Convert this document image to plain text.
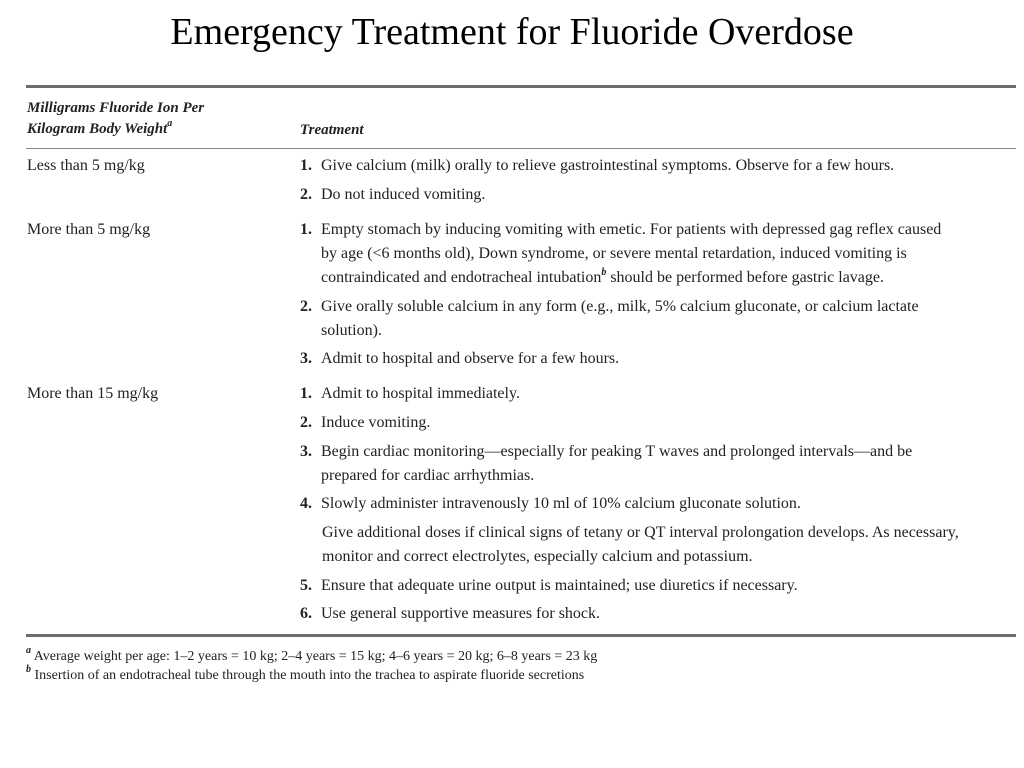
Emergency Treatment for Fluoride Overdose
Milligrams Fluoride Ion Per
Kilogram Body Weight$^a$	Treatment
Less than 5 mg/kg	1. Give calcium (milk) orally to relieve gastrointestinal symptoms. Observe for a few hours.
2. Do not induced vomiting.
More than 5 mg/kg	1. Empty stomach by inducing vomiting with emetic. For patients with depressed gag reflex caused
by age (<6 months old), Down syndrome, or severe mental retardation, induced vomiting is
contraindicated and endotracheal intubation$^b$ should be performed before gastric lavage.
2. Give orally soluble calcium in any form (e.g., milk, 5% calcium gluconate, or calcium lactate
solution).
3. Admit to hospital and observe for a few hours.
More than 15 mg/kg	1. Admit to hospital immediately.
2. Induce vomiting.
3. Begin cardiac monitoring—especially for peaking T waves and prolonged intervals—and be
prepared for cardiac arrhythmias.
4. Slowly administer intravenously 10 ml of 10% calcium gluconate solution.
Give additional doses if clinical signs of tetany or QT interval prolongation develops. As necessary,
monitor and correct electrolytes, especially calcium and potassium.
5. Ensure that adequate urine output is maintained; use diuretics if necessary.
6. Use general supportive measures for shock.
$^a$ Average weight per age: 1–2 years = 10 kg; 2–4 years = 15 kg; 4–6 years = 20 kg; 6–8 years = 23 kg
$^b$ Insertion of an endotracheal tube through the mouth into the trachea to aspirate fluoride secretions
